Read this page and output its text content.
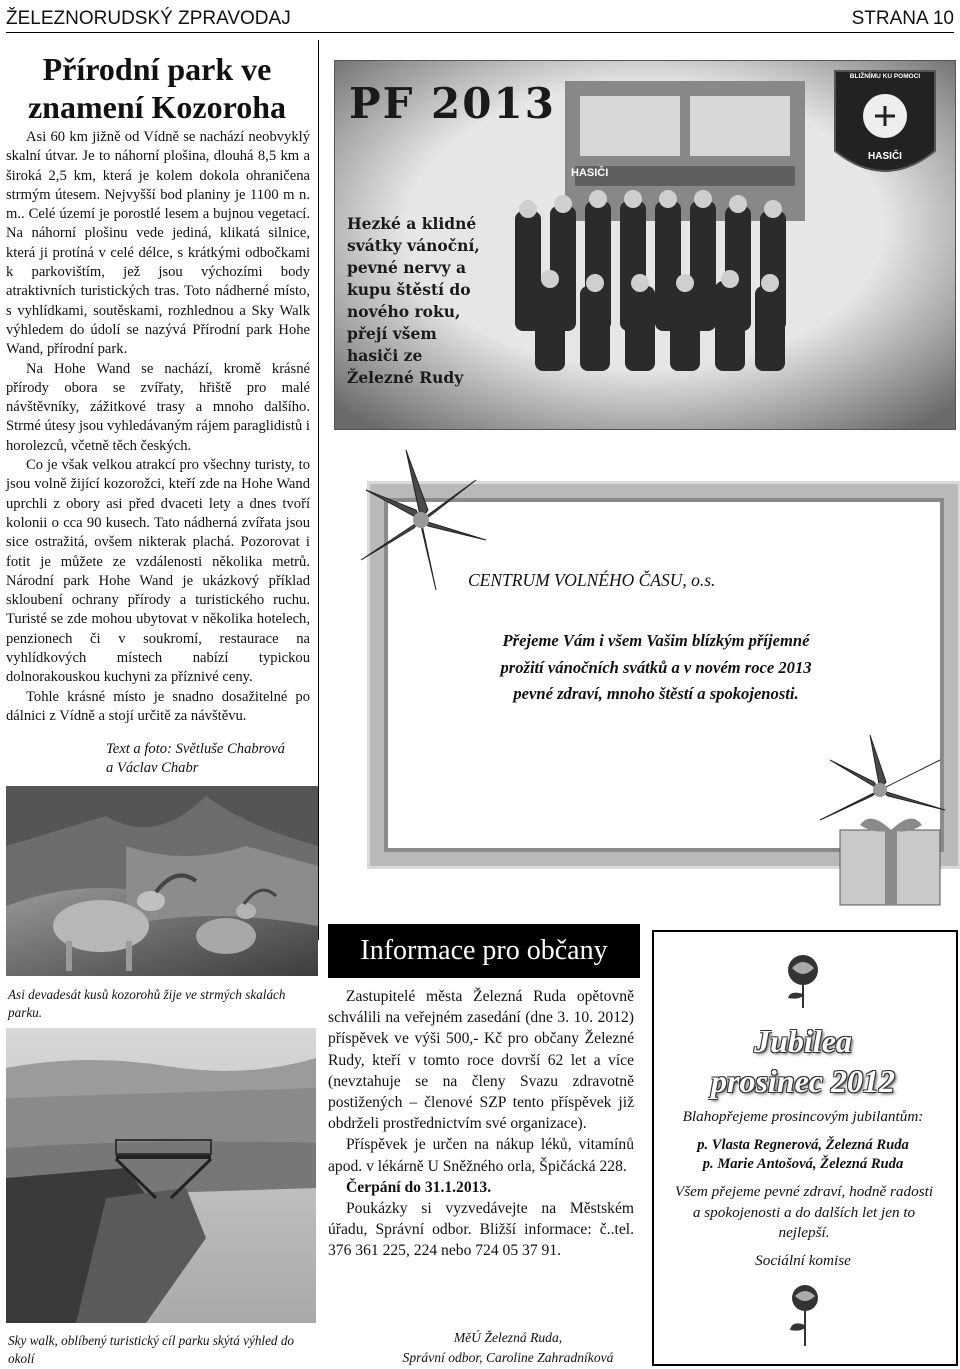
ŽELEZNORUDSKÝ ZPRAVODAJ	STRANA 10
Přírodní park ve
znamení Kozoroha

Asi 60 km jižně od Vídně se nachází neobvyklý skalní útvar. Je to náhorní plošina, dlouhá 8,5 km a široká 2,5 km, která je kolem dokola ohraničena strmým útesem. Nejvyšší bod planiny je 1100 m n. m.. Celé území je porostlé lesem a bujnou vegetací. Na náhorní plošinu vede jediná, klikatá silnice, která ji protíná v celé délce, s krátkými odbočkami k parkovištím, jež jsou výchozími body atraktivních turistických tras. Toto nádherné místo, s vyhlídkami, soutěskami, rozhlednou a Sky Walk výhledem do údolí se nazývá Přírodní park Hohe Wand, přírodní park.

Na Hohe Wand se nachází, kromě krásné přírody obora se zvířaty, hřiště pro malé návštěvníky, zážitkové trasy a mnoho dalšího. Strmé útesy jsou vyhledávaným rájem paraglidistů i horolezců, včetně těch českých.

Co je však velkou atrakcí pro všechny turisty, to jsou volně žijící kozorožci, kteří zde na Hohe Wand uprchli z obory asi před dvaceti lety a dnes tvoří kolonii o cca 90 kusech. Tato nádherná zvířata jsou sice ostražitá, ovšem nikterak plachá. Pozorovat i fotit je můžete ze vzdálenosti několika metrů. Národní park Hohe Wand je ukázkový příklad skloubení ochrany přírody a turistického ruchu. Turisté se zde mohou ubytovat v několika hotelech, penzionech či v soukromí, restaurace na vyhlídkových místech nabízí typickou dolnorakouskou kuchyni za příznivé ceny.

Tohle krásné místo je snadno dosažitelné po dálnici z Vídně a stojí určitě za návštěvu.

Text a foto: Světluše Chabrová
a Václav Chabr
Asi devadesát kusů kozorohů žije ve strmých skalách parku.
Sky walk, oblíbený turistický cíl parku skýtá výhled do okolí
PF 2013
HASIČI
BLIŽNÍMU KU POMOCI
HASIČI
Hezké a klidné
svátky vánoční,
pevné nervy a
kupu štěstí do
nového roku,
přejí všem
hasiči ze
Železné Rudy
CENTRUM VOLNÉHO ČASU, o.s.
Přejeme Vám i všem Vašim blízkým příjemné
prožití vánočních svátků a v novém roce 2013
pevné zdraví, mnoho štěstí a spokojenosti.
Informace pro občany

Zastupitelé města Železná Ruda opětovně schválili na veřejném zasedání (dne 3. 10. 2012) příspěvek ve výši 500,- Kč pro občany Železné Rudy, kteří v tomto roce dovrší 62 let a více (nevztahuje se na členy Svazu zdravotně postižených – členové SZP tento příspěvek již obdrželi prostřednictvím své organizace).

Příspěvek je určen na nákup léků, vitamínů apod. v lékárně U Sněžného orla, Špičácká 228.

Čerpání do 31.1.2013.

Poukázky si vyzvedávejte na Městském úřadu, Správní odbor. Bližší informace: č..tel. 376 361 225, 224 nebo 724 05 37 91.

MěÚ Železná Ruda,
Správní odbor, Caroline Zahradníková
Jubilea
prosinec 2012
Blahopřejeme prosincovým jubilantům:
p. Vlasta Regnerová, Železná Ruda
p. Marie Antošová, Železná Ruda
Všem přejeme pevné zdraví, hodně radosti a spokojenosti a do dalších let jen to nejlepší.
Sociální komise
